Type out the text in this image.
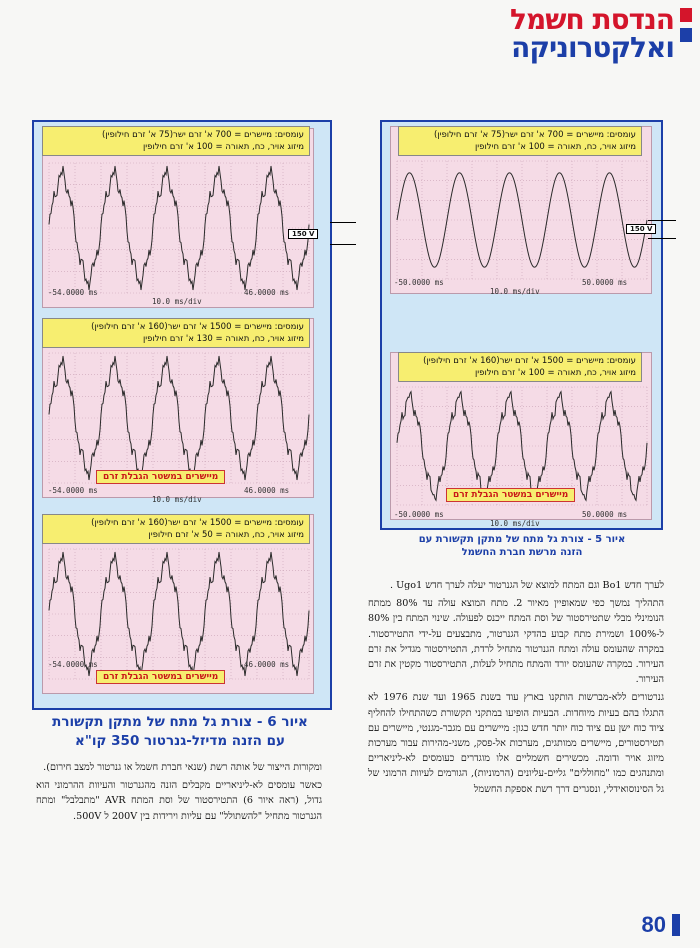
הנדסת חשמל
ואלקטרוניקה
עומסים: מיישרים = 700 א' זרם ישר(75 א' זרם חילופין)
מיזוג אויר, כח, תאורה = 100 א' זרם חילופין
-54.0000 ms	46.0000 ms
10.0 ms/div
עומסים: מיישרים = 1500 א' זרם ישר(160 א' זרם חילופין)
מיזוג אויר, כח, תאורה = 130 א' זרם חילופין
מיישרים במשטר הגבלת זרם
-54.0000 ms	46.0000 ms
10.0 ms/div
עומסים: מיישרים = 1500 א' זרם ישר(160 א' זרם חילופין)
מיזוג אויר, כח, תאורה = 50 א' זרם חילופין
-54.0000 ms	46.0000 ms
מיישרים במשטר הגבלת זרם
150 V
עומסים: מיישרים = 700 א' זרם ישר(75 א' זרם חילופין)
מיזוג אויר, כח, תאורה = 100 א' זרם חילופין
-50.0000 ms	50.0000 ms
10.0 ms/div
עומסים: מיישרים = 1500 א' זרם ישר(160 א' זרם חילופין)
מיזוג אויר, כח, תאורה = 100 א' זרם חילופין
מיישרים במשטר הגבלת זרם
-50.0000 ms	50.0000 ms
10.0 ms/div
150 V
איור 6 - צורת גל מתח של מתקן תקשורת
עם הזנה מדיזל-גנרטור 350 קו"א
איור 5 - צורת גל מתח של מתקן תקשורת עם
הזנה מרשת חברת החשמל

לערך חדש Bo1 וגם המתח למוצא של הגנרטור יעלה לערך חדש Ugo1 .

התהליך נמשך כפי שמאופיין מאיור 2. מתח המוצא עולה עד 80% ממתח הנומינלי מבלי שתטירסטור של וסת המתח ייכנס לפעולה. שינוי המתח בין 80% ל-100% ושמירת מתח קבוע בהדקי הגנרטור, מתבצעים על-ידי התטירסטור. במקרה שהעומס עולה ומתח הגנרטור מתחיל לרדת, התטירסטור מגדיל את זרם העירור. במקרה שהעומס יורד והמתח מתחיל לעלות, התטירסטור מקטין את זרם העירור.

גנרטורים ללא-מברשות הותקנו בארץ עוד בשנת 1965 ועד שנת 1976 לא התגלו בהם בעיות מיוחדות. הבעיות הופיעו במתקני תקשורת כשהתחילו להחליף ציוד כוח ישן עם ציוד כוח יותר חדש כגון: מיישרים עם מגבר-מגנטי, מיישרים עם תטירסטורים, מיישרים ממותגים, מערכות אל-פסק, משני-מהירות עבור מערכות מיזוג אויר ודומה. מכשירים חשמליים אלו מוגדרים כעומסים לא-ליניאריים ומתנהגים כמו "מחוללים" גליים-עליונים (הרמוניות), הגורמים לעיוות הרמוני של גל הסינוסואידלי, ונסגרים דרך רשת אספקת החשמל

ומקורות הייצור של אותה רשת (שנאי חברת חשמל או גנרטור למצב חירום).

כאשר עומסים לא-ליניאריים מקבלים הזנה מהגנרטור והעיוות ההרמוני הוא גדול, (ראה איור 6) התטירסטור של וסת המתח AVR "מתבלבל" ומתח הגנרטור מתחיל "להשתולל" עם עליות וירידות בין 200V ל 500V.

80
